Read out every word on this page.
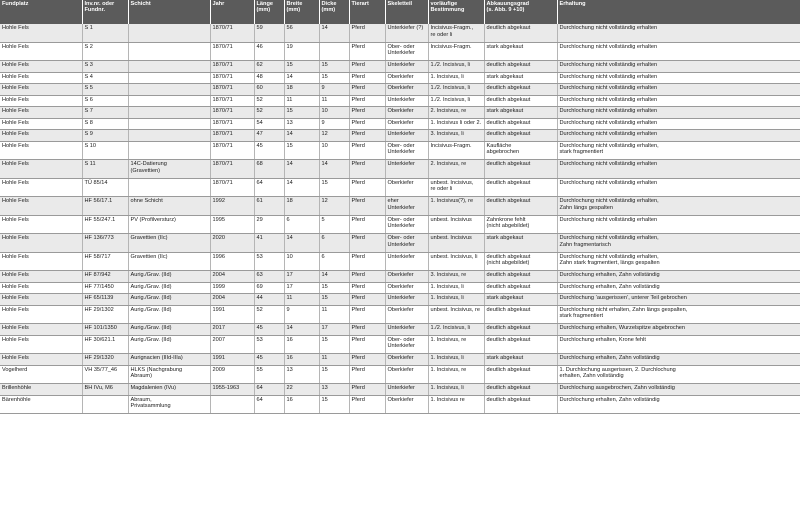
Fundplatz	Inv.nr. oder
Fundnr.	Schicht	Jahr	Länge
(mm)	Breite
(mm)	Dicke
(mm)	Tierart	Skeletteil	vorläufige
Bestimmung	Abkauungsgrad
(s. Abb. 9 +10)	Erhaltung
Hohle Fels	S 1		1870/71	59	56	14	Pferd	Unterkiefer (?)	Incisivus-Fragm.,
re oder li	deutlich abgekaut	Durchlochung nicht vollständig erhalten
Hohle Fels	S 2		1870/71	46	19		Pferd	Ober- oder
Unterkiefer	Incisivus-Fragm.	stark abgekaut	Durchlochung nicht vollständig erhalten
Hohle Fels	S 3		1870/71	62	15	15	Pferd	Unterkiefer	1./2. Incisivus, li	deutlich abgekaut	Durchlochung nicht vollständig erhalten
Hohle Fels	S 4		1870/71	48	14	15	Pferd	Oberkiefer	1. Incisivus, li	stark abgekaut	Durchlochung nicht vollständig erhalten
Hohle Fels	S 5		1870/71	60	18	9	Pferd	Oberkiefer	1./2. Incisivus, li	deutlich abgekaut	Durchlochung nicht vollständig erhalten
Hohle Fels	S 6		1870/71	52	11	11	Pferd	Unterkiefer	1./2. Incisivus, li	deutlich abgekaut	Durchlochung nicht vollständig erhalten
Hohle Fels	S 7		1870/71	52	15	10	Pferd	Oberkiefer	2. Incisivus, re	stark abgekaut	Durchlochung nicht vollständig erhalten
Hohle Fels	S 8		1870/71	54	13	9	Pferd	Oberkiefer	1. Incisivus li oder 2.	deutlich abgekaut	Durchlochung nicht vollständig erhalten
Hohle Fels	S 9		1870/71	47	14	12	Pferd	Unterkiefer	3. Incisivus, li	deutlich abgekaut	Durchlochung nicht vollständig erhalten
Hohle Fels	S 10		1870/71	45	15	10	Pferd	Ober- oder
Unterkiefer	Incisivus-Fragm.	Kaufläche
abgebrochen	Durchlochung nicht vollständig erhalten,
stark fragmentiert
Hohle Fels	S 11	14C-Datierung
(Gravettien)	1870/71	68	14	14	Pferd	Unterkiefer	2. Incisivus, re	deutlich abgekaut	Durchlochung nicht vollständig erhalten
Hohle Fels	TÜ 85/14		1870/71	64	14	15	Pferd	Oberkiefer	unbest. Incisivus,
re oder li	deutlich abgekaut	Durchlochung nicht vollständig erhalten
Hohle Fels	HF 56/17.1	ohne Schicht	1992	61	18	12	Pferd	eher
Unterkiefer	1. Incisivus(?), re	deutlich abgekaut	Durchlochung nicht vollständig erhalten,
Zahn längs gespalten
Hohle Fels	HF 55/247.1	PV (Profilversturz)	1995	29	6	5	Pferd	Ober- oder
Unterkiefer	unbest. Incisivus	Zahnkrone fehlt
(nicht abgebildet)	Durchlochung nicht vollständig erhalten
Hohle Fels	HF 136/773	Gravettien (IIc)	2020	41	14	6	Pferd	Ober- oder
Unterkiefer	unbest. Incisivus	stark abgekaut	Durchlochung nicht vollständig erhalten,
Zahn fragmentarisch
Hohle Fels	HF 58/717	Gravettien (IIc)	1996	53	10	6	Pferd	Unterkiefer	unbest. Incisivus, li	deutlich abgekaut
(nicht abgebildet)	Durchlochung nicht vollständig erhalten,
Zahn stark fragmentiert, längs gespalten
Hohle Fels	HF 87/942	Aurig./Grav. (IId)	2004	63	17	14	Pferd	Oberkiefer	3. Incisivus, re	deutlich abgekaut	Durchlochung erhalten, Zahn vollständig
Hohle Fels	HF 77/1450	Aurig./Grav. (IId)	1999	69	17	15	Pferd	Oberkiefer	1. Incisivus, li	deutlich abgekaut	Durchlochung erhalten, Zahn vollständig
Hohle Fels	HF 65/1139	Aurig./Grav. (IId)	2004	44	11	15	Pferd	Unterkiefer	1. Incisivus, li	stark abgekaut	Durchlochung ‘ausgerissen’, unterer Teil gebrochen
Hohle Fels	HF 29/1302	Aurig./Grav. (IId)	1991	52	9	11	Pferd	Oberkiefer	unbest. Incisivus, re	deutlich abgekaut	Durchlochung nicht erhalten, Zahn längs gespalten,
stark fragmentiert
Hohle Fels	HF 101/1350	Aurig./Grav. (IId)	2017	45	14	17	Pferd	Unterkiefer	1./2. Incisivus, li	deutlich abgekaut	Durchlochung erhalten, Wurzelspitze abgebrochen
Hohle Fels	HF 30/621.1	Aurig./Grav. (IId)	2007	53	16	15	Pferd	Ober- oder
Unterkiefer	1. Incisivus, re	deutlich abgekaut	Durchlochung erhalten, Krone fehlt
Hohle Fels	HF 29/1320	Aurignacien (IIId-IIIa)	1991	45	16	11	Pferd	Oberkiefer	1. Incisivus, li	stark abgekaut	Durchlochung erhalten, Zahn vollständig
Vogelherd	VH 35/77_46	HLKS (Nachgrabung
Abraum)	2009	55	13	15	Pferd	Oberkiefer	1. Incisivus, re	deutlich abgekaut	1. Durchlochung ausgerissen, 2. Durchlochung
erhalten, Zahn vollständig
Brillenhöhle	BH IVu, M6	Magdalenien (IVu)	1955-1963	64	22	13	Pferd	Unterkiefer	1. Incisivus, li	deutlich abgekaut	Durchlochung ausgebrochen, Zahn vollständig
Bärenhöhle		Abraum,
Privatsammlung		64	16	15	Pferd	Oberkiefer	1. Incisivus re	deutlich abgekaut	Durchlochung erhalten, Zahn vollständig
